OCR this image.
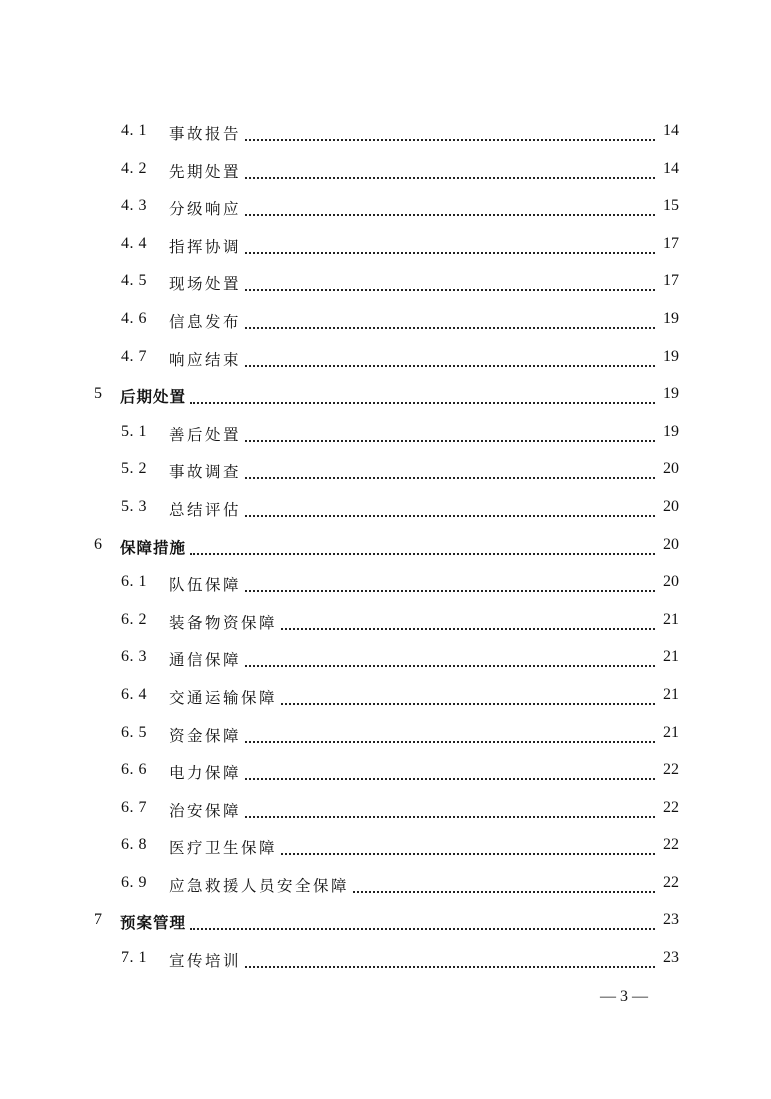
4. 1 事故报告	14
4. 2 先期处置	14
4. 3 分级响应	15
4. 4 指挥协调	17
4. 5 现场处置	17
4. 6 信息发布	19
4. 7 响应结束	19
5 后期处置	19
5. 1 善后处置	19
5. 2 事故调查	20
5. 3 总结评估	20
6 保障措施	20
6. 1 队伍保障	20
6. 2 装备物资保障	21
6. 3 通信保障	21
6. 4 交通运输保障	21
6. 5 资金保障	21
6. 6 电力保障	22
6. 7 治安保障	22
6. 8 医疗卫生保障	22
6. 9 应急救援人员安全保障	22
7 预案管理	23
7. 1 宣传培训	23
— 3 —
